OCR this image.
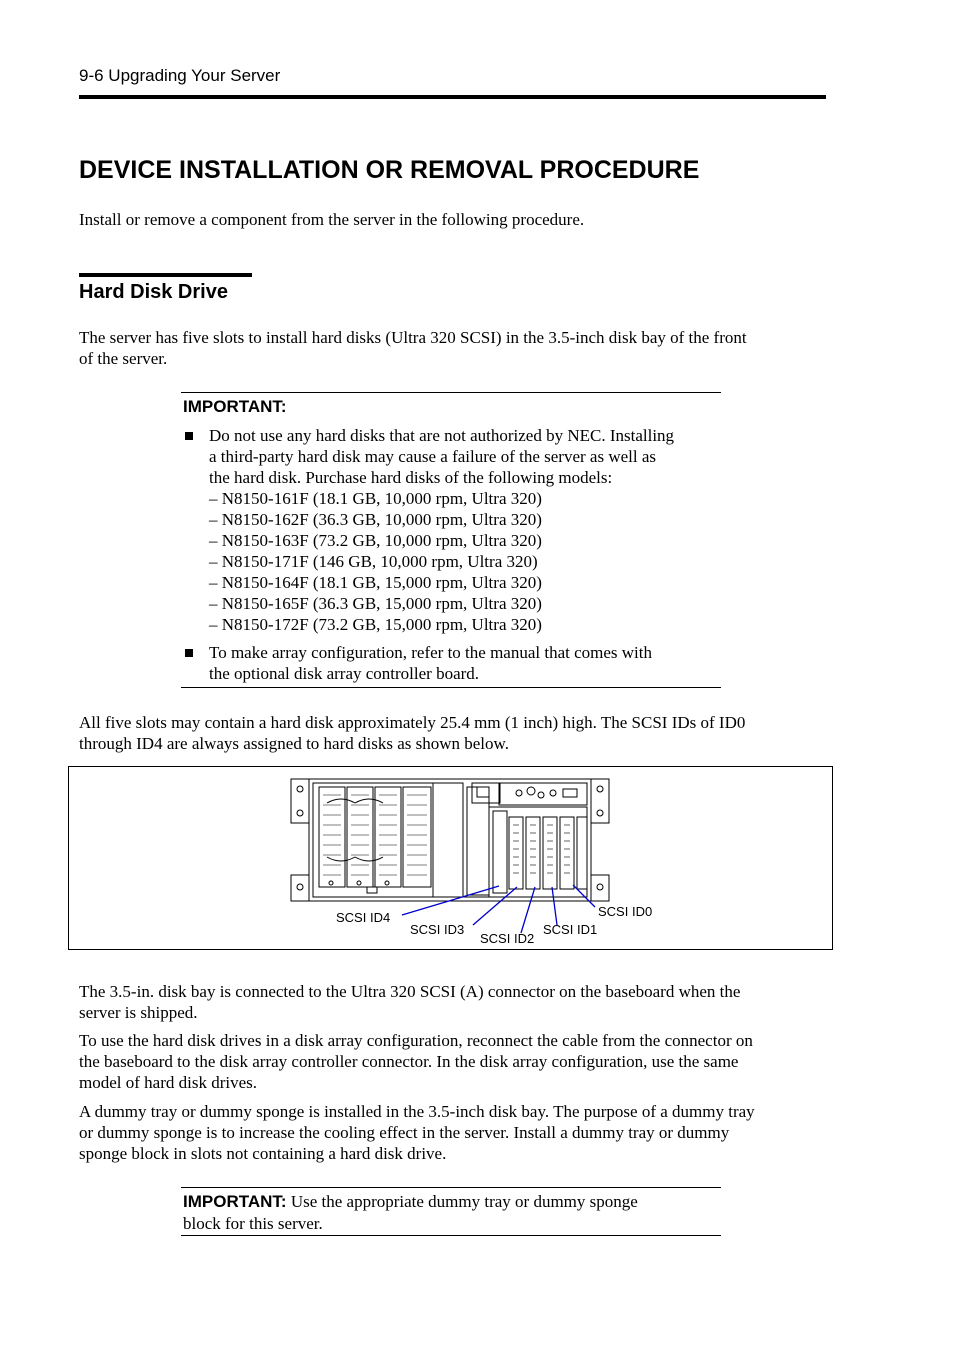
9-6 Upgrading Your Server
DEVICE INSTALLATION OR REMOVAL PROCEDURE
Install or remove a component from the server in the following procedure.
Hard Disk Drive
The server has five slots to install hard disks (Ultra 320 SCSI) in the 3.5-inch disk bay of the front
of the server.
IMPORTANT:
Do not use any hard disks that are not authorized by NEC. Installing
a third-party hard disk may cause a failure of the server as well as
the hard disk. Purchase hard disks of the following models:
– N8150-161F (18.1 GB, 10,000 rpm, Ultra 320)
– N8150-162F (36.3 GB, 10,000 rpm, Ultra 320)
– N8150-163F (73.2 GB, 10,000 rpm, Ultra 320)
– N8150-171F (146 GB, 10,000 rpm, Ultra 320)
– N8150-164F (18.1 GB, 15,000 rpm, Ultra 320)
– N8150-165F (36.3 GB, 15,000 rpm, Ultra 320)
– N8150-172F (73.2 GB, 15,000 rpm, Ultra 320)
To make array configuration, refer to the manual that comes with
the optional disk array controller board.
All five slots may contain a hard disk approximately 25.4 mm (1 inch) high. The SCSI IDs of ID0
through ID4 are always assigned to hard disks as shown below.
SCSI ID4
SCSI ID3
SCSI ID2
SCSI ID1
SCSI ID0
The 3.5-in. disk bay is connected to the Ultra 320 SCSI (A) connector on the baseboard when the
server is shipped.
To use the hard disk drives in a disk array configuration, reconnect the cable from the connector on
the baseboard to the disk array controller connector. In the disk array configuration, use the same
model of hard disk drives.
A dummy tray or dummy sponge is installed in the 3.5-inch disk bay. The purpose of a dummy tray
or dummy sponge is to increase the cooling effect in the server. Install a dummy tray or dummy
sponge block in slots not containing a hard disk drive.
IMPORTANT: Use the appropriate dummy tray or dummy sponge
block for this server.
